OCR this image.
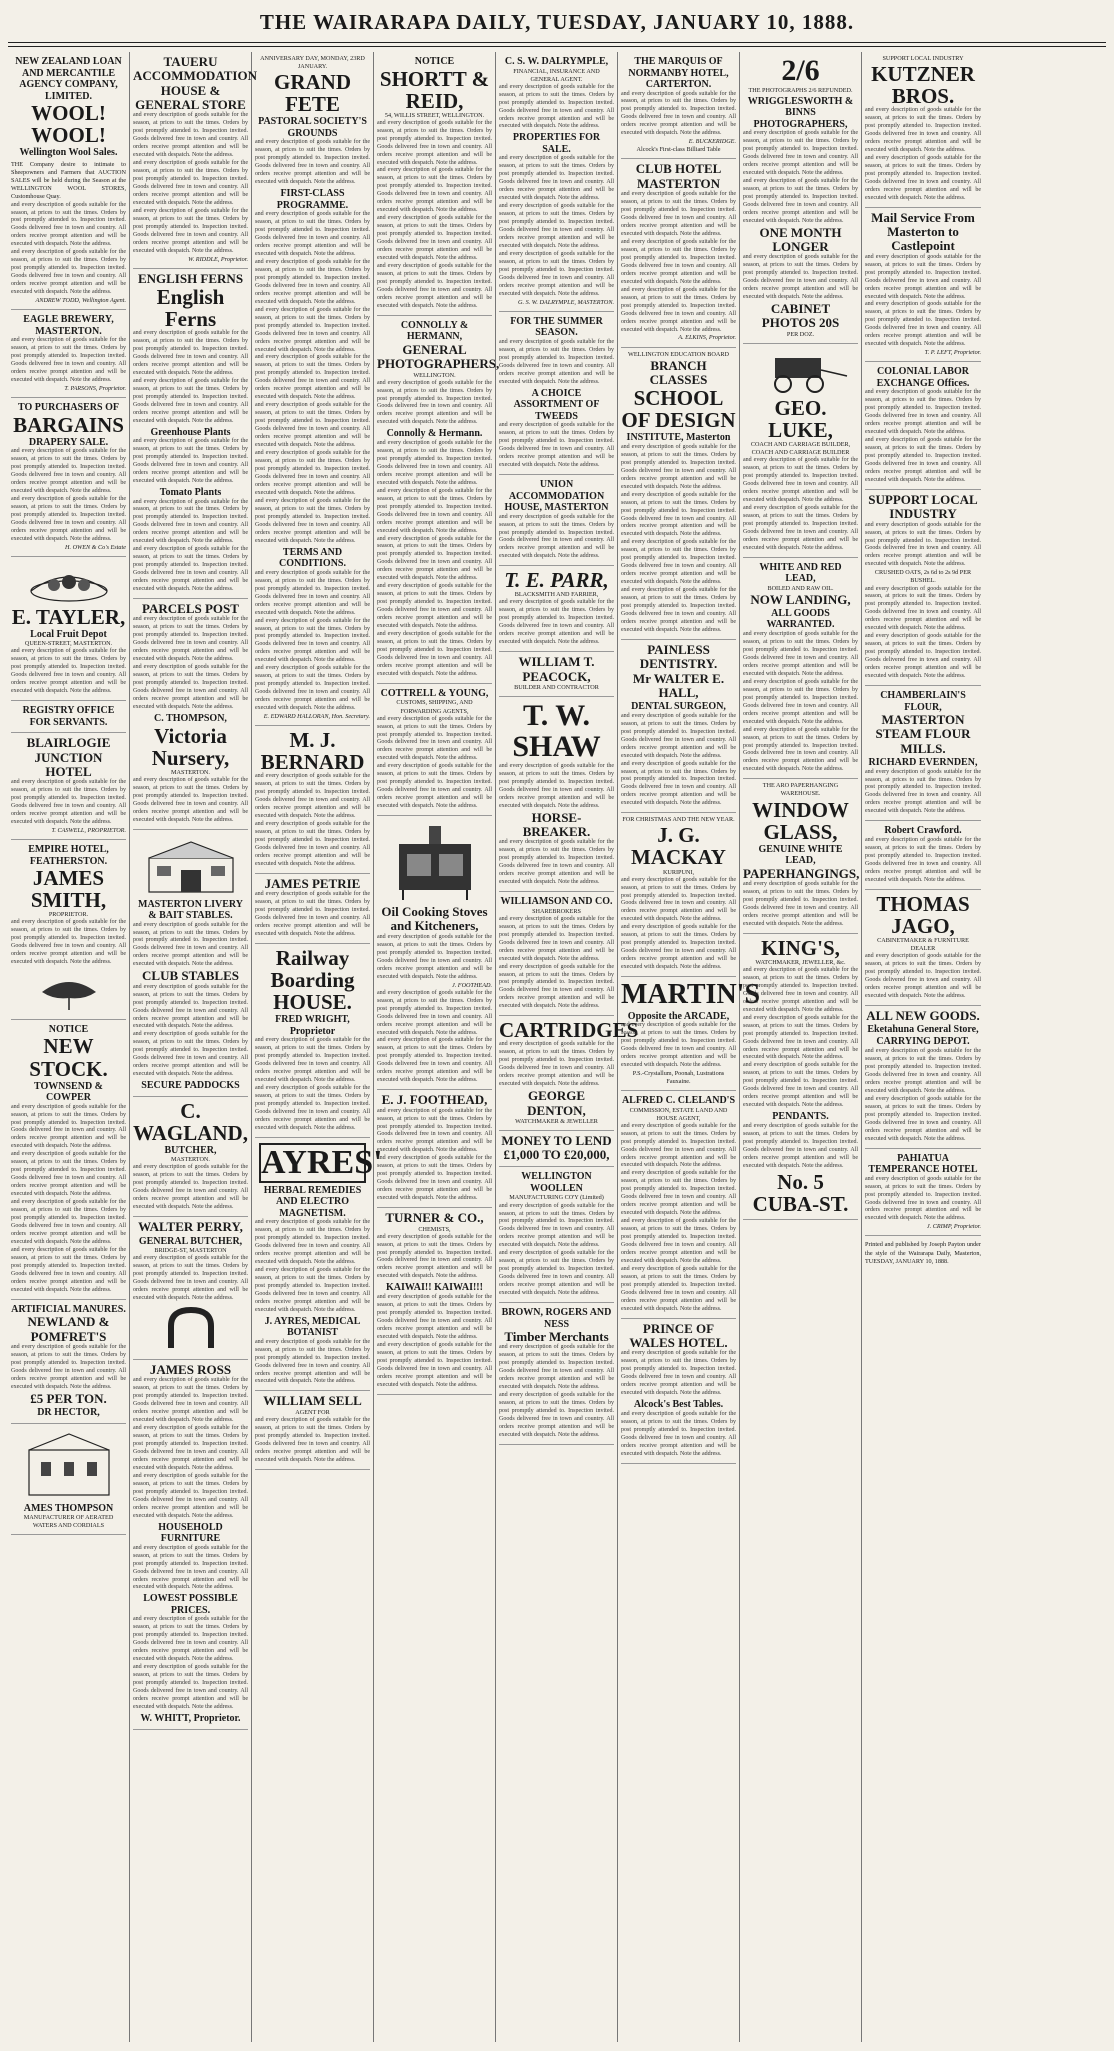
THE WAIRARAPA DAILY, TUESDAY, JANUARY 10, 1888.
NEW ZEALAND LOAN AND MERCANTILE AGENCY COMPANY, LIMITED.
WOOL! WOOL!
Wellington Wool Sales.
THE Company desire to intimate to Sheepowners and Farmers that AUCTION SALES will be held during the Season at the WELLINGTON WOOL STORES, Customhouse Quay.
and every description of goods suitable for the season, at prices to suit the times. Orders by post promptly attended to. Inspection invited. Goods delivered free in town and country. All orders receive prompt attention and will be executed with despatch. Note the address.
and every description of goods suitable for the season, at prices to suit the times. Orders by post promptly attended to. Inspection invited. Goods delivered free in town and country. All orders receive prompt attention and will be executed with despatch. Note the address.
ANDREW TODD, Wellington Agent.
EAGLE BREWERY, MASTERTON.
and every description of goods suitable for the season, at prices to suit the times. Orders by post promptly attended to. Inspection invited. Goods delivered free in town and country. All orders receive prompt attention and will be executed with despatch. Note the address.
T. PARSONS, Proprietor.
TO PURCHASERS OF
BARGAINS
DRAPERY SALE.
and every description of goods suitable for the season, at prices to suit the times. Orders by post promptly attended to. Inspection invited. Goods delivered free in town and country. All orders receive prompt attention and will be executed with despatch. Note the address.
and every description of goods suitable for the season, at prices to suit the times. Orders by post promptly attended to. Inspection invited. Goods delivered free in town and country. All orders receive prompt attention and will be executed with despatch. Note the address.
H. OWEN & Co's Estate
E. TAYLER,
Local Fruit Depot
QUEEN-STREET, MASTERTON.
and every description of goods suitable for the season, at prices to suit the times. Orders by post promptly attended to. Inspection invited. Goods delivered free in town and country. All orders receive prompt attention and will be executed with despatch. Note the address.
REGISTRY OFFICE FOR SERVANTS.
BLAIRLOGIE JUNCTION HOTEL
and every description of goods suitable for the season, at prices to suit the times. Orders by post promptly attended to. Inspection invited. Goods delivered free in town and country. All orders receive prompt attention and will be executed with despatch. Note the address.
T. CASWELL, PROPRIETOR.
EMPIRE HOTEL, FEATHERSTON.
JAMES SMITH,
PROPRIETOR.
and every description of goods suitable for the season, at prices to suit the times. Orders by post promptly attended to. Inspection invited. Goods delivered free in town and country. All orders receive prompt attention and will be executed with despatch. Note the address.
NOTICE
NEW STOCK.
TOWNSEND & COWPER
and every description of goods suitable for the season, at prices to suit the times. Orders by post promptly attended to. Inspection invited. Goods delivered free in town and country. All orders receive prompt attention and will be executed with despatch. Note the address.
and every description of goods suitable for the season, at prices to suit the times. Orders by post promptly attended to. Inspection invited. Goods delivered free in town and country. All orders receive prompt attention and will be executed with despatch. Note the address.
and every description of goods suitable for the season, at prices to suit the times. Orders by post promptly attended to. Inspection invited. Goods delivered free in town and country. All orders receive prompt attention and will be executed with despatch. Note the address.
and every description of goods suitable for the season, at prices to suit the times. Orders by post promptly attended to. Inspection invited. Goods delivered free in town and country. All orders receive prompt attention and will be executed with despatch. Note the address.
ARTIFICIAL MANURES.
NEWLAND & POMFRET'S
and every description of goods suitable for the season, at prices to suit the times. Orders by post promptly attended to. Inspection invited. Goods delivered free in town and country. All orders receive prompt attention and will be executed with despatch. Note the address.
£5 PER TON.
DR HECTOR,
AMES THOMPSON
MANUFACTURER OF AERATED WATERS AND CORDIALS
TAUERU ACCOMMODATION HOUSE & GENERAL STORE
and every description of goods suitable for the season, at prices to suit the times. Orders by post promptly attended to. Inspection invited. Goods delivered free in town and country. All orders receive prompt attention and will be executed with despatch. Note the address.
and every description of goods suitable for the season, at prices to suit the times. Orders by post promptly attended to. Inspection invited. Goods delivered free in town and country. All orders receive prompt attention and will be executed with despatch. Note the address.
and every description of goods suitable for the season, at prices to suit the times. Orders by post promptly attended to. Inspection invited. Goods delivered free in town and country. All orders receive prompt attention and will be executed with despatch. Note the address.
W. RIDDLE, Proprietor.
ENGLISH FERNS
English Ferns
and every description of goods suitable for the season, at prices to suit the times. Orders by post promptly attended to. Inspection invited. Goods delivered free in town and country. All orders receive prompt attention and will be executed with despatch. Note the address.
and every description of goods suitable for the season, at prices to suit the times. Orders by post promptly attended to. Inspection invited. Goods delivered free in town and country. All orders receive prompt attention and will be executed with despatch. Note the address.
Greenhouse Plants
and every description of goods suitable for the season, at prices to suit the times. Orders by post promptly attended to. Inspection invited. Goods delivered free in town and country. All orders receive prompt attention and will be executed with despatch. Note the address.
Tomato Plants
and every description of goods suitable for the season, at prices to suit the times. Orders by post promptly attended to. Inspection invited. Goods delivered free in town and country. All orders receive prompt attention and will be executed with despatch. Note the address.
and every description of goods suitable for the season, at prices to suit the times. Orders by post promptly attended to. Inspection invited. Goods delivered free in town and country. All orders receive prompt attention and will be executed with despatch. Note the address.
PARCELS POST
and every description of goods suitable for the season, at prices to suit the times. Orders by post promptly attended to. Inspection invited. Goods delivered free in town and country. All orders receive prompt attention and will be executed with despatch. Note the address.
and every description of goods suitable for the season, at prices to suit the times. Orders by post promptly attended to. Inspection invited. Goods delivered free in town and country. All orders receive prompt attention and will be executed with despatch. Note the address.
C. THOMPSON,
Victoria Nursery,
MASTERTON.
and every description of goods suitable for the season, at prices to suit the times. Orders by post promptly attended to. Inspection invited. Goods delivered free in town and country. All orders receive prompt attention and will be executed with despatch. Note the address.
MASTERTON LIVERY & BAIT STABLES.
and every description of goods suitable for the season, at prices to suit the times. Orders by post promptly attended to. Inspection invited. Goods delivered free in town and country. All orders receive prompt attention and will be executed with despatch. Note the address.
CLUB STABLES
and every description of goods suitable for the season, at prices to suit the times. Orders by post promptly attended to. Inspection invited. Goods delivered free in town and country. All orders receive prompt attention and will be executed with despatch. Note the address.
and every description of goods suitable for the season, at prices to suit the times. Orders by post promptly attended to. Inspection invited. Goods delivered free in town and country. All orders receive prompt attention and will be executed with despatch. Note the address.
SECURE PADDOCKS
C. WAGLAND,
BUTCHER,
MASTERTON.
and every description of goods suitable for the season, at prices to suit the times. Orders by post promptly attended to. Inspection invited. Goods delivered free in town and country. All orders receive prompt attention and will be executed with despatch. Note the address.
WALTER PERRY,
GENERAL BUTCHER,
BRIDGE-ST, MASTERTON
and every description of goods suitable for the season, at prices to suit the times. Orders by post promptly attended to. Inspection invited. Goods delivered free in town and country. All orders receive prompt attention and will be executed with despatch. Note the address.
JAMES ROSS
and every description of goods suitable for the season, at prices to suit the times. Orders by post promptly attended to. Inspection invited. Goods delivered free in town and country. All orders receive prompt attention and will be executed with despatch. Note the address.
and every description of goods suitable for the season, at prices to suit the times. Orders by post promptly attended to. Inspection invited. Goods delivered free in town and country. All orders receive prompt attention and will be executed with despatch. Note the address.
and every description of goods suitable for the season, at prices to suit the times. Orders by post promptly attended to. Inspection invited. Goods delivered free in town and country. All orders receive prompt attention and will be executed with despatch. Note the address.
HOUSEHOLD FURNITURE
and every description of goods suitable for the season, at prices to suit the times. Orders by post promptly attended to. Inspection invited. Goods delivered free in town and country. All orders receive prompt attention and will be executed with despatch. Note the address.
LOWEST POSSIBLE PRICES.
and every description of goods suitable for the season, at prices to suit the times. Orders by post promptly attended to. Inspection invited. Goods delivered free in town and country. All orders receive prompt attention and will be executed with despatch. Note the address.
and every description of goods suitable for the season, at prices to suit the times. Orders by post promptly attended to. Inspection invited. Goods delivered free in town and country. All orders receive prompt attention and will be executed with despatch. Note the address.
W. WHITT, Proprietor.
ANNIVERSARY DAY, MONDAY, 23RD JANUARY.
GRAND FETE
PASTORAL SOCIETY'S GROUNDS
and every description of goods suitable for the season, at prices to suit the times. Orders by post promptly attended to. Inspection invited. Goods delivered free in town and country. All orders receive prompt attention and will be executed with despatch. Note the address.
FIRST-CLASS PROGRAMME.
and every description of goods suitable for the season, at prices to suit the times. Orders by post promptly attended to. Inspection invited. Goods delivered free in town and country. All orders receive prompt attention and will be executed with despatch. Note the address.
and every description of goods suitable for the season, at prices to suit the times. Orders by post promptly attended to. Inspection invited. Goods delivered free in town and country. All orders receive prompt attention and will be executed with despatch. Note the address.
and every description of goods suitable for the season, at prices to suit the times. Orders by post promptly attended to. Inspection invited. Goods delivered free in town and country. All orders receive prompt attention and will be executed with despatch. Note the address.
and every description of goods suitable for the season, at prices to suit the times. Orders by post promptly attended to. Inspection invited. Goods delivered free in town and country. All orders receive prompt attention and will be executed with despatch. Note the address.
and every description of goods suitable for the season, at prices to suit the times. Orders by post promptly attended to. Inspection invited. Goods delivered free in town and country. All orders receive prompt attention and will be executed with despatch. Note the address.
and every description of goods suitable for the season, at prices to suit the times. Orders by post promptly attended to. Inspection invited. Goods delivered free in town and country. All orders receive prompt attention and will be executed with despatch. Note the address.
and every description of goods suitable for the season, at prices to suit the times. Orders by post promptly attended to. Inspection invited. Goods delivered free in town and country. All orders receive prompt attention and will be executed with despatch. Note the address.
TERMS AND CONDITIONS.
and every description of goods suitable for the season, at prices to suit the times. Orders by post promptly attended to. Inspection invited. Goods delivered free in town and country. All orders receive prompt attention and will be executed with despatch. Note the address.
and every description of goods suitable for the season, at prices to suit the times. Orders by post promptly attended to. Inspection invited. Goods delivered free in town and country. All orders receive prompt attention and will be executed with despatch. Note the address.
and every description of goods suitable for the season, at prices to suit the times. Orders by post promptly attended to. Inspection invited. Goods delivered free in town and country. All orders receive prompt attention and will be executed with despatch. Note the address.
E. EDWARD HALLORAN, Hon. Secretary.
M. J. BERNARD
and every description of goods suitable for the season, at prices to suit the times. Orders by post promptly attended to. Inspection invited. Goods delivered free in town and country. All orders receive prompt attention and will be executed with despatch. Note the address.
and every description of goods suitable for the season, at prices to suit the times. Orders by post promptly attended to. Inspection invited. Goods delivered free in town and country. All orders receive prompt attention and will be executed with despatch. Note the address.
JAMES PETRIE
and every description of goods suitable for the season, at prices to suit the times. Orders by post promptly attended to. Inspection invited. Goods delivered free in town and country. All orders receive prompt attention and will be executed with despatch. Note the address.
Railway Boarding HOUSE.
FRED WRIGHT, Proprietor
and every description of goods suitable for the season, at prices to suit the times. Orders by post promptly attended to. Inspection invited. Goods delivered free in town and country. All orders receive prompt attention and will be executed with despatch. Note the address.
and every description of goods suitable for the season, at prices to suit the times. Orders by post promptly attended to. Inspection invited. Goods delivered free in town and country. All orders receive prompt attention and will be executed with despatch. Note the address.
AYRES'
HERBAL REMEDIES AND ELECTRO MAGNETISM.
and every description of goods suitable for the season, at prices to suit the times. Orders by post promptly attended to. Inspection invited. Goods delivered free in town and country. All orders receive prompt attention and will be executed with despatch. Note the address.
and every description of goods suitable for the season, at prices to suit the times. Orders by post promptly attended to. Inspection invited. Goods delivered free in town and country. All orders receive prompt attention and will be executed with despatch. Note the address.
J. AYRES, MEDICAL BOTANIST
and every description of goods suitable for the season, at prices to suit the times. Orders by post promptly attended to. Inspection invited. Goods delivered free in town and country. All orders receive prompt attention and will be executed with despatch. Note the address.
WILLIAM SELL
AGENT FOR
and every description of goods suitable for the season, at prices to suit the times. Orders by post promptly attended to. Inspection invited. Goods delivered free in town and country. All orders receive prompt attention and will be executed with despatch. Note the address.
NOTICE
SHORTT & REID,
54, WILLIS STREET, WELLINGTON.
and every description of goods suitable for the season, at prices to suit the times. Orders by post promptly attended to. Inspection invited. Goods delivered free in town and country. All orders receive prompt attention and will be executed with despatch. Note the address.
and every description of goods suitable for the season, at prices to suit the times. Orders by post promptly attended to. Inspection invited. Goods delivered free in town and country. All orders receive prompt attention and will be executed with despatch. Note the address.
and every description of goods suitable for the season, at prices to suit the times. Orders by post promptly attended to. Inspection invited. Goods delivered free in town and country. All orders receive prompt attention and will be executed with despatch. Note the address.
and every description of goods suitable for the season, at prices to suit the times. Orders by post promptly attended to. Inspection invited. Goods delivered free in town and country. All orders receive prompt attention and will be executed with despatch. Note the address.
CONNOLLY & HERMANN,
GENERAL PHOTOGRAPHERS,
WELLINGTON.
and every description of goods suitable for the season, at prices to suit the times. Orders by post promptly attended to. Inspection invited. Goods delivered free in town and country. All orders receive prompt attention and will be executed with despatch. Note the address.
Connolly & Hermann.
and every description of goods suitable for the season, at prices to suit the times. Orders by post promptly attended to. Inspection invited. Goods delivered free in town and country. All orders receive prompt attention and will be executed with despatch. Note the address.
and every description of goods suitable for the season, at prices to suit the times. Orders by post promptly attended to. Inspection invited. Goods delivered free in town and country. All orders receive prompt attention and will be executed with despatch. Note the address.
and every description of goods suitable for the season, at prices to suit the times. Orders by post promptly attended to. Inspection invited. Goods delivered free in town and country. All orders receive prompt attention and will be executed with despatch. Note the address.
and every description of goods suitable for the season, at prices to suit the times. Orders by post promptly attended to. Inspection invited. Goods delivered free in town and country. All orders receive prompt attention and will be executed with despatch. Note the address.
and every description of goods suitable for the season, at prices to suit the times. Orders by post promptly attended to. Inspection invited. Goods delivered free in town and country. All orders receive prompt attention and will be executed with despatch. Note the address.
COTTRELL & YOUNG,
CUSTOMS, SHIPPING, AND FORWARDING AGENTS,
and every description of goods suitable for the season, at prices to suit the times. Orders by post promptly attended to. Inspection invited. Goods delivered free in town and country. All orders receive prompt attention and will be executed with despatch. Note the address.
and every description of goods suitable for the season, at prices to suit the times. Orders by post promptly attended to. Inspection invited. Goods delivered free in town and country. All orders receive prompt attention and will be executed with despatch. Note the address.
Oil Cooking Stoves and Kitcheners,
and every description of goods suitable for the season, at prices to suit the times. Orders by post promptly attended to. Inspection invited. Goods delivered free in town and country. All orders receive prompt attention and will be executed with despatch. Note the address.
J. FOOTHEAD.
and every description of goods suitable for the season, at prices to suit the times. Orders by post promptly attended to. Inspection invited. Goods delivered free in town and country. All orders receive prompt attention and will be executed with despatch. Note the address.
and every description of goods suitable for the season, at prices to suit the times. Orders by post promptly attended to. Inspection invited. Goods delivered free in town and country. All orders receive prompt attention and will be executed with despatch. Note the address.
E. J. FOOTHEAD,
and every description of goods suitable for the season, at prices to suit the times. Orders by post promptly attended to. Inspection invited. Goods delivered free in town and country. All orders receive prompt attention and will be executed with despatch. Note the address.
and every description of goods suitable for the season, at prices to suit the times. Orders by post promptly attended to. Inspection invited. Goods delivered free in town and country. All orders receive prompt attention and will be executed with despatch. Note the address.
TURNER & CO.,
CHEMISTS,
and every description of goods suitable for the season, at prices to suit the times. Orders by post promptly attended to. Inspection invited. Goods delivered free in town and country. All orders receive prompt attention and will be executed with despatch. Note the address.
KAIWAI!! KAIWAI!!!
and every description of goods suitable for the season, at prices to suit the times. Orders by post promptly attended to. Inspection invited. Goods delivered free in town and country. All orders receive prompt attention and will be executed with despatch. Note the address.
and every description of goods suitable for the season, at prices to suit the times. Orders by post promptly attended to. Inspection invited. Goods delivered free in town and country. All orders receive prompt attention and will be executed with despatch. Note the address.
C. S. W. DALRYMPLE,
FINANCIAL, INSURANCE AND GENERAL AGENT.
and every description of goods suitable for the season, at prices to suit the times. Orders by post promptly attended to. Inspection invited. Goods delivered free in town and country. All orders receive prompt attention and will be executed with despatch. Note the address.
PROPERTIES FOR SALE.
and every description of goods suitable for the season, at prices to suit the times. Orders by post promptly attended to. Inspection invited. Goods delivered free in town and country. All orders receive prompt attention and will be executed with despatch. Note the address.
and every description of goods suitable for the season, at prices to suit the times. Orders by post promptly attended to. Inspection invited. Goods delivered free in town and country. All orders receive prompt attention and will be executed with despatch. Note the address.
and every description of goods suitable for the season, at prices to suit the times. Orders by post promptly attended to. Inspection invited. Goods delivered free in town and country. All orders receive prompt attention and will be executed with despatch. Note the address.
G. S. W. DALRYMPLE, MASTERTON.
FOR THE SUMMER SEASON.
and every description of goods suitable for the season, at prices to suit the times. Orders by post promptly attended to. Inspection invited. Goods delivered free in town and country. All orders receive prompt attention and will be executed with despatch. Note the address.
A CHOICE ASSORTMENT OF TWEEDS
and every description of goods suitable for the season, at prices to suit the times. Orders by post promptly attended to. Inspection invited. Goods delivered free in town and country. All orders receive prompt attention and will be executed with despatch. Note the address.
UNION ACCOMMODATION HOUSE, MASTERTON
and every description of goods suitable for the season, at prices to suit the times. Orders by post promptly attended to. Inspection invited. Goods delivered free in town and country. All orders receive prompt attention and will be executed with despatch. Note the address.
T. E. PARR,
BLACKSMITH AND FARRIER,
and every description of goods suitable for the season, at prices to suit the times. Orders by post promptly attended to. Inspection invited. Goods delivered free in town and country. All orders receive prompt attention and will be executed with despatch. Note the address.
WILLIAM T. PEACOCK,
BUILDER AND CONTRACTOR
T. W. SHAW
and every description of goods suitable for the season, at prices to suit the times. Orders by post promptly attended to. Inspection invited. Goods delivered free in town and country. All orders receive prompt attention and will be executed with despatch. Note the address.
HORSE-BREAKER.
and every description of goods suitable for the season, at prices to suit the times. Orders by post promptly attended to. Inspection invited. Goods delivered free in town and country. All orders receive prompt attention and will be executed with despatch. Note the address.
WILLIAMSON AND CO.
SHAREBROKERS
and every description of goods suitable for the season, at prices to suit the times. Orders by post promptly attended to. Inspection invited. Goods delivered free in town and country. All orders receive prompt attention and will be executed with despatch. Note the address.
and every description of goods suitable for the season, at prices to suit the times. Orders by post promptly attended to. Inspection invited. Goods delivered free in town and country. All orders receive prompt attention and will be executed with despatch. Note the address.
CARTRIDGES
and every description of goods suitable for the season, at prices to suit the times. Orders by post promptly attended to. Inspection invited. Goods delivered free in town and country. All orders receive prompt attention and will be executed with despatch. Note the address.
GEORGE DENTON,
WATCHMAKER & JEWELLER
MONEY TO LEND
£1,000 TO £20,000,
WELLINGTON WOOLLEN
MANUFACTURING CO'Y (Limited)
and every description of goods suitable for the season, at prices to suit the times. Orders by post promptly attended to. Inspection invited. Goods delivered free in town and country. All orders receive prompt attention and will be executed with despatch. Note the address.
and every description of goods suitable for the season, at prices to suit the times. Orders by post promptly attended to. Inspection invited. Goods delivered free in town and country. All orders receive prompt attention and will be executed with despatch. Note the address.
BROWN, ROGERS AND NESS
Timber Merchants
and every description of goods suitable for the season, at prices to suit the times. Orders by post promptly attended to. Inspection invited. Goods delivered free in town and country. All orders receive prompt attention and will be executed with despatch. Note the address.
and every description of goods suitable for the season, at prices to suit the times. Orders by post promptly attended to. Inspection invited. Goods delivered free in town and country. All orders receive prompt attention and will be executed with despatch. Note the address.
THE MARQUIS OF NORMANBY HOTEL, CARTERTON.
and every description of goods suitable for the season, at prices to suit the times. Orders by post promptly attended to. Inspection invited. Goods delivered free in town and country. All orders receive prompt attention and will be executed with despatch. Note the address.
E. BUCKERIDGE.
Alcock's First-class Billiard Table
CLUB HOTEL MASTERTON
and every description of goods suitable for the season, at prices to suit the times. Orders by post promptly attended to. Inspection invited. Goods delivered free in town and country. All orders receive prompt attention and will be executed with despatch. Note the address.
and every description of goods suitable for the season, at prices to suit the times. Orders by post promptly attended to. Inspection invited. Goods delivered free in town and country. All orders receive prompt attention and will be executed with despatch. Note the address.
and every description of goods suitable for the season, at prices to suit the times. Orders by post promptly attended to. Inspection invited. Goods delivered free in town and country. All orders receive prompt attention and will be executed with despatch. Note the address.
A. ELKINS, Proprietor.
WELLINGTON EDUCATION BOARD
BRANCH CLASSES
SCHOOL OF DESIGN
INSTITUTE, Masterton
and every description of goods suitable for the season, at prices to suit the times. Orders by post promptly attended to. Inspection invited. Goods delivered free in town and country. All orders receive prompt attention and will be executed with despatch. Note the address.
and every description of goods suitable for the season, at prices to suit the times. Orders by post promptly attended to. Inspection invited. Goods delivered free in town and country. All orders receive prompt attention and will be executed with despatch. Note the address.
and every description of goods suitable for the season, at prices to suit the times. Orders by post promptly attended to. Inspection invited. Goods delivered free in town and country. All orders receive prompt attention and will be executed with despatch. Note the address.
and every description of goods suitable for the season, at prices to suit the times. Orders by post promptly attended to. Inspection invited. Goods delivered free in town and country. All orders receive prompt attention and will be executed with despatch. Note the address.
PAINLESS DENTISTRY.
Mr WALTER E. HALL,
DENTAL SURGEON,
and every description of goods suitable for the season, at prices to suit the times. Orders by post promptly attended to. Inspection invited. Goods delivered free in town and country. All orders receive prompt attention and will be executed with despatch. Note the address.
and every description of goods suitable for the season, at prices to suit the times. Orders by post promptly attended to. Inspection invited. Goods delivered free in town and country. All orders receive prompt attention and will be executed with despatch. Note the address.
FOR CHRISTMAS AND THE NEW YEAR.
J. G. MACKAY
KURIPUNI,
and every description of goods suitable for the season, at prices to suit the times. Orders by post promptly attended to. Inspection invited. Goods delivered free in town and country. All orders receive prompt attention and will be executed with despatch. Note the address.
and every description of goods suitable for the season, at prices to suit the times. Orders by post promptly attended to. Inspection invited. Goods delivered free in town and country. All orders receive prompt attention and will be executed with despatch. Note the address.
MARTIN'S
Opposite the ARCADE,
and every description of goods suitable for the season, at prices to suit the times. Orders by post promptly attended to. Inspection invited. Goods delivered free in town and country. All orders receive prompt attention and will be executed with despatch. Note the address.
P.S.-Crystallum, Poonah, Lustrations Fauxaine.
ALFRED C. CLELAND'S
COMMISSION, ESTATE LAND AND HOUSE AGENT,
and every description of goods suitable for the season, at prices to suit the times. Orders by post promptly attended to. Inspection invited. Goods delivered free in town and country. All orders receive prompt attention and will be executed with despatch. Note the address.
and every description of goods suitable for the season, at prices to suit the times. Orders by post promptly attended to. Inspection invited. Goods delivered free in town and country. All orders receive prompt attention and will be executed with despatch. Note the address.

and every description of goods suitable for the season, at prices to suit the times. Orders by post promptly attended to. Inspection invited. Goods delivered free in town and country. All orders receive prompt attention and will be executed with despatch. Note the address.

and every description of goods suitable for the season, at prices to suit the times. Orders by post promptly attended to. Inspection invited. Goods delivered free in town and country. All orders receive prompt attention and will be executed with despatch. Note the address.
PRINCE OF WALES HOTEL.
and every description of goods suitable for the season, at prices to suit the times. Orders by post promptly attended to. Inspection invited. Goods delivered free in town and country. All orders receive prompt attention and will be executed with despatch. Note the address.
Alcock's Best Tables.
and every description of goods suitable for the season, at prices to suit the times. Orders by post promptly attended to. Inspection invited. Goods delivered free in town and country. All orders receive prompt attention and will be executed with despatch. Note the address.
2/6
THE PHOTOGRAPHS 2/6 REFUNDED.
WRIGGLESWORTH & BINNS PHOTOGRAPHERS,
and every description of goods suitable for the season, at prices to suit the times. Orders by post promptly attended to. Inspection invited. Goods delivered free in town and country. All orders receive prompt attention and will be executed with despatch. Note the address.
and every description of goods suitable for the season, at prices to suit the times. Orders by post promptly attended to. Inspection invited. Goods delivered free in town and country. All orders receive prompt attention and will be executed with despatch. Note the address.
ONE MONTH LONGER
and every description of goods suitable for the season, at prices to suit the times. Orders by post promptly attended to. Inspection invited. Goods delivered free in town and country. All orders receive prompt attention and will be executed with despatch. Note the address.
CABINET PHOTOS 20S
PER DOZ.
GEO. LUKE,
COACH AND CARRIAGE BUILDER, COACH AND CARRIAGE BUILDER
and every description of goods suitable for the season, at prices to suit the times. Orders by post promptly attended to. Inspection invited. Goods delivered free in town and country. All orders receive prompt attention and will be executed with despatch. Note the address.
and every description of goods suitable for the season, at prices to suit the times. Orders by post promptly attended to. Inspection invited. Goods delivered free in town and country. All orders receive prompt attention and will be executed with despatch. Note the address.
WHITE AND RED LEAD,
BOILED AND RAW OIL.
NOW LANDING,
ALL GOODS WARRANTED.
and every description of goods suitable for the season, at prices to suit the times. Orders by post promptly attended to. Inspection invited. Goods delivered free in town and country. All orders receive prompt attention and will be executed with despatch. Note the address.
and every description of goods suitable for the season, at prices to suit the times. Orders by post promptly attended to. Inspection invited. Goods delivered free in town and country. All orders receive prompt attention and will be executed with despatch. Note the address.
and every description of goods suitable for the season, at prices to suit the times. Orders by post promptly attended to. Inspection invited. Goods delivered free in town and country. All orders receive prompt attention and will be executed with despatch. Note the address.
THE ARO PAPERHANGING WAREHOUSE.
WINDOW GLASS,
GENUINE WHITE LEAD,
PAPERHANGINGS,
and every description of goods suitable for the season, at prices to suit the times. Orders by post promptly attended to. Inspection invited. Goods delivered free in town and country. All orders receive prompt attention and will be executed with despatch. Note the address.
KING'S,
WATCHMAKER, JEWELLER, &c.
and every description of goods suitable for the season, at prices to suit the times. Orders by post promptly attended to. Inspection invited. Goods delivered free in town and country. All orders receive prompt attention and will be executed with despatch. Note the address.
and every description of goods suitable for the season, at prices to suit the times. Orders by post promptly attended to. Inspection invited. Goods delivered free in town and country. All orders receive prompt attention and will be executed with despatch. Note the address.
and every description of goods suitable for the season, at prices to suit the times. Orders by post promptly attended to. Inspection invited. Goods delivered free in town and country. All orders receive prompt attention and will be executed with despatch. Note the address.
PENDANTS.
and every description of goods suitable for the season, at prices to suit the times. Orders by post promptly attended to. Inspection invited. Goods delivered free in town and country. All orders receive prompt attention and will be executed with despatch. Note the address.
No. 5 CUBA-ST.
SUPPORT LOCAL INDUSTRY
KUTZNER BROS.
and every description of goods suitable for the season, at prices to suit the times. Orders by post promptly attended to. Inspection invited. Goods delivered free in town and country. All orders receive prompt attention and will be executed with despatch. Note the address.
and every description of goods suitable for the season, at prices to suit the times. Orders by post promptly attended to. Inspection invited. Goods delivered free in town and country. All orders receive prompt attention and will be executed with despatch. Note the address.
Mail Service From Masterton to Castlepoint
and every description of goods suitable for the season, at prices to suit the times. Orders by post promptly attended to. Inspection invited. Goods delivered free in town and country. All orders receive prompt attention and will be executed with despatch. Note the address.
and every description of goods suitable for the season, at prices to suit the times. Orders by post promptly attended to. Inspection invited. Goods delivered free in town and country. All orders receive prompt attention and will be executed with despatch. Note the address.
T. P. LEFT, Proprietor.
COLONIAL LABOR EXCHANGE Offices.
and every description of goods suitable for the season, at prices to suit the times. Orders by post promptly attended to. Inspection invited. Goods delivered free in town and country. All orders receive prompt attention and will be executed with despatch. Note the address.
and every description of goods suitable for the season, at prices to suit the times. Orders by post promptly attended to. Inspection invited. Goods delivered free in town and country. All orders receive prompt attention and will be executed with despatch. Note the address.
SUPPORT LOCAL INDUSTRY
and every description of goods suitable for the season, at prices to suit the times. Orders by post promptly attended to. Inspection invited. Goods delivered free in town and country. All orders receive prompt attention and will be executed with despatch. Note the address.
CRUSHED OATS, 2s 6d to 2s 9d PER BUSHEL.
and every description of goods suitable for the season, at prices to suit the times. Orders by post promptly attended to. Inspection invited. Goods delivered free in town and country. All orders receive prompt attention and will be executed with despatch. Note the address.
and every description of goods suitable for the season, at prices to suit the times. Orders by post promptly attended to. Inspection invited. Goods delivered free in town and country. All orders receive prompt attention and will be executed with despatch. Note the address.
CHAMBERLAIN'S FLOUR,
MASTERTON STEAM FLOUR MILLS.
RICHARD EVERNDEN,
and every description of goods suitable for the season, at prices to suit the times. Orders by post promptly attended to. Inspection invited. Goods delivered free in town and country. All orders receive prompt attention and will be executed with despatch. Note the address.
Robert Crawford.
and every description of goods suitable for the season, at prices to suit the times. Orders by post promptly attended to. Inspection invited. Goods delivered free in town and country. All orders receive prompt attention and will be executed with despatch. Note the address.
THOMAS JAGO,
CABINETMAKER & FURNITURE DEALER
and every description of goods suitable for the season, at prices to suit the times. Orders by post promptly attended to. Inspection invited. Goods delivered free in town and country. All orders receive prompt attention and will be executed with despatch. Note the address.
ALL NEW GOODS.
Eketahuna General Store,
CARRYING DEPOT.
and every description of goods suitable for the season, at prices to suit the times. Orders by post promptly attended to. Inspection invited. Goods delivered free in town and country. All orders receive prompt attention and will be executed with despatch. Note the address.
and every description of goods suitable for the season, at prices to suit the times. Orders by post promptly attended to. Inspection invited. Goods delivered free in town and country. All orders receive prompt attention and will be executed with despatch. Note the address.
PAHIATUA TEMPERANCE HOTEL
and every description of goods suitable for the season, at prices to suit the times. Orders by post promptly attended to. Inspection invited. Goods delivered free in town and country. All orders receive prompt attention and will be executed with despatch. Note the address.
J. CRIMP, Proprietor.
Printed and published by Joseph Payton under the style of the Wairarapa Daily, Masterton, TUESDAY, JANUARY 10, 1888.
